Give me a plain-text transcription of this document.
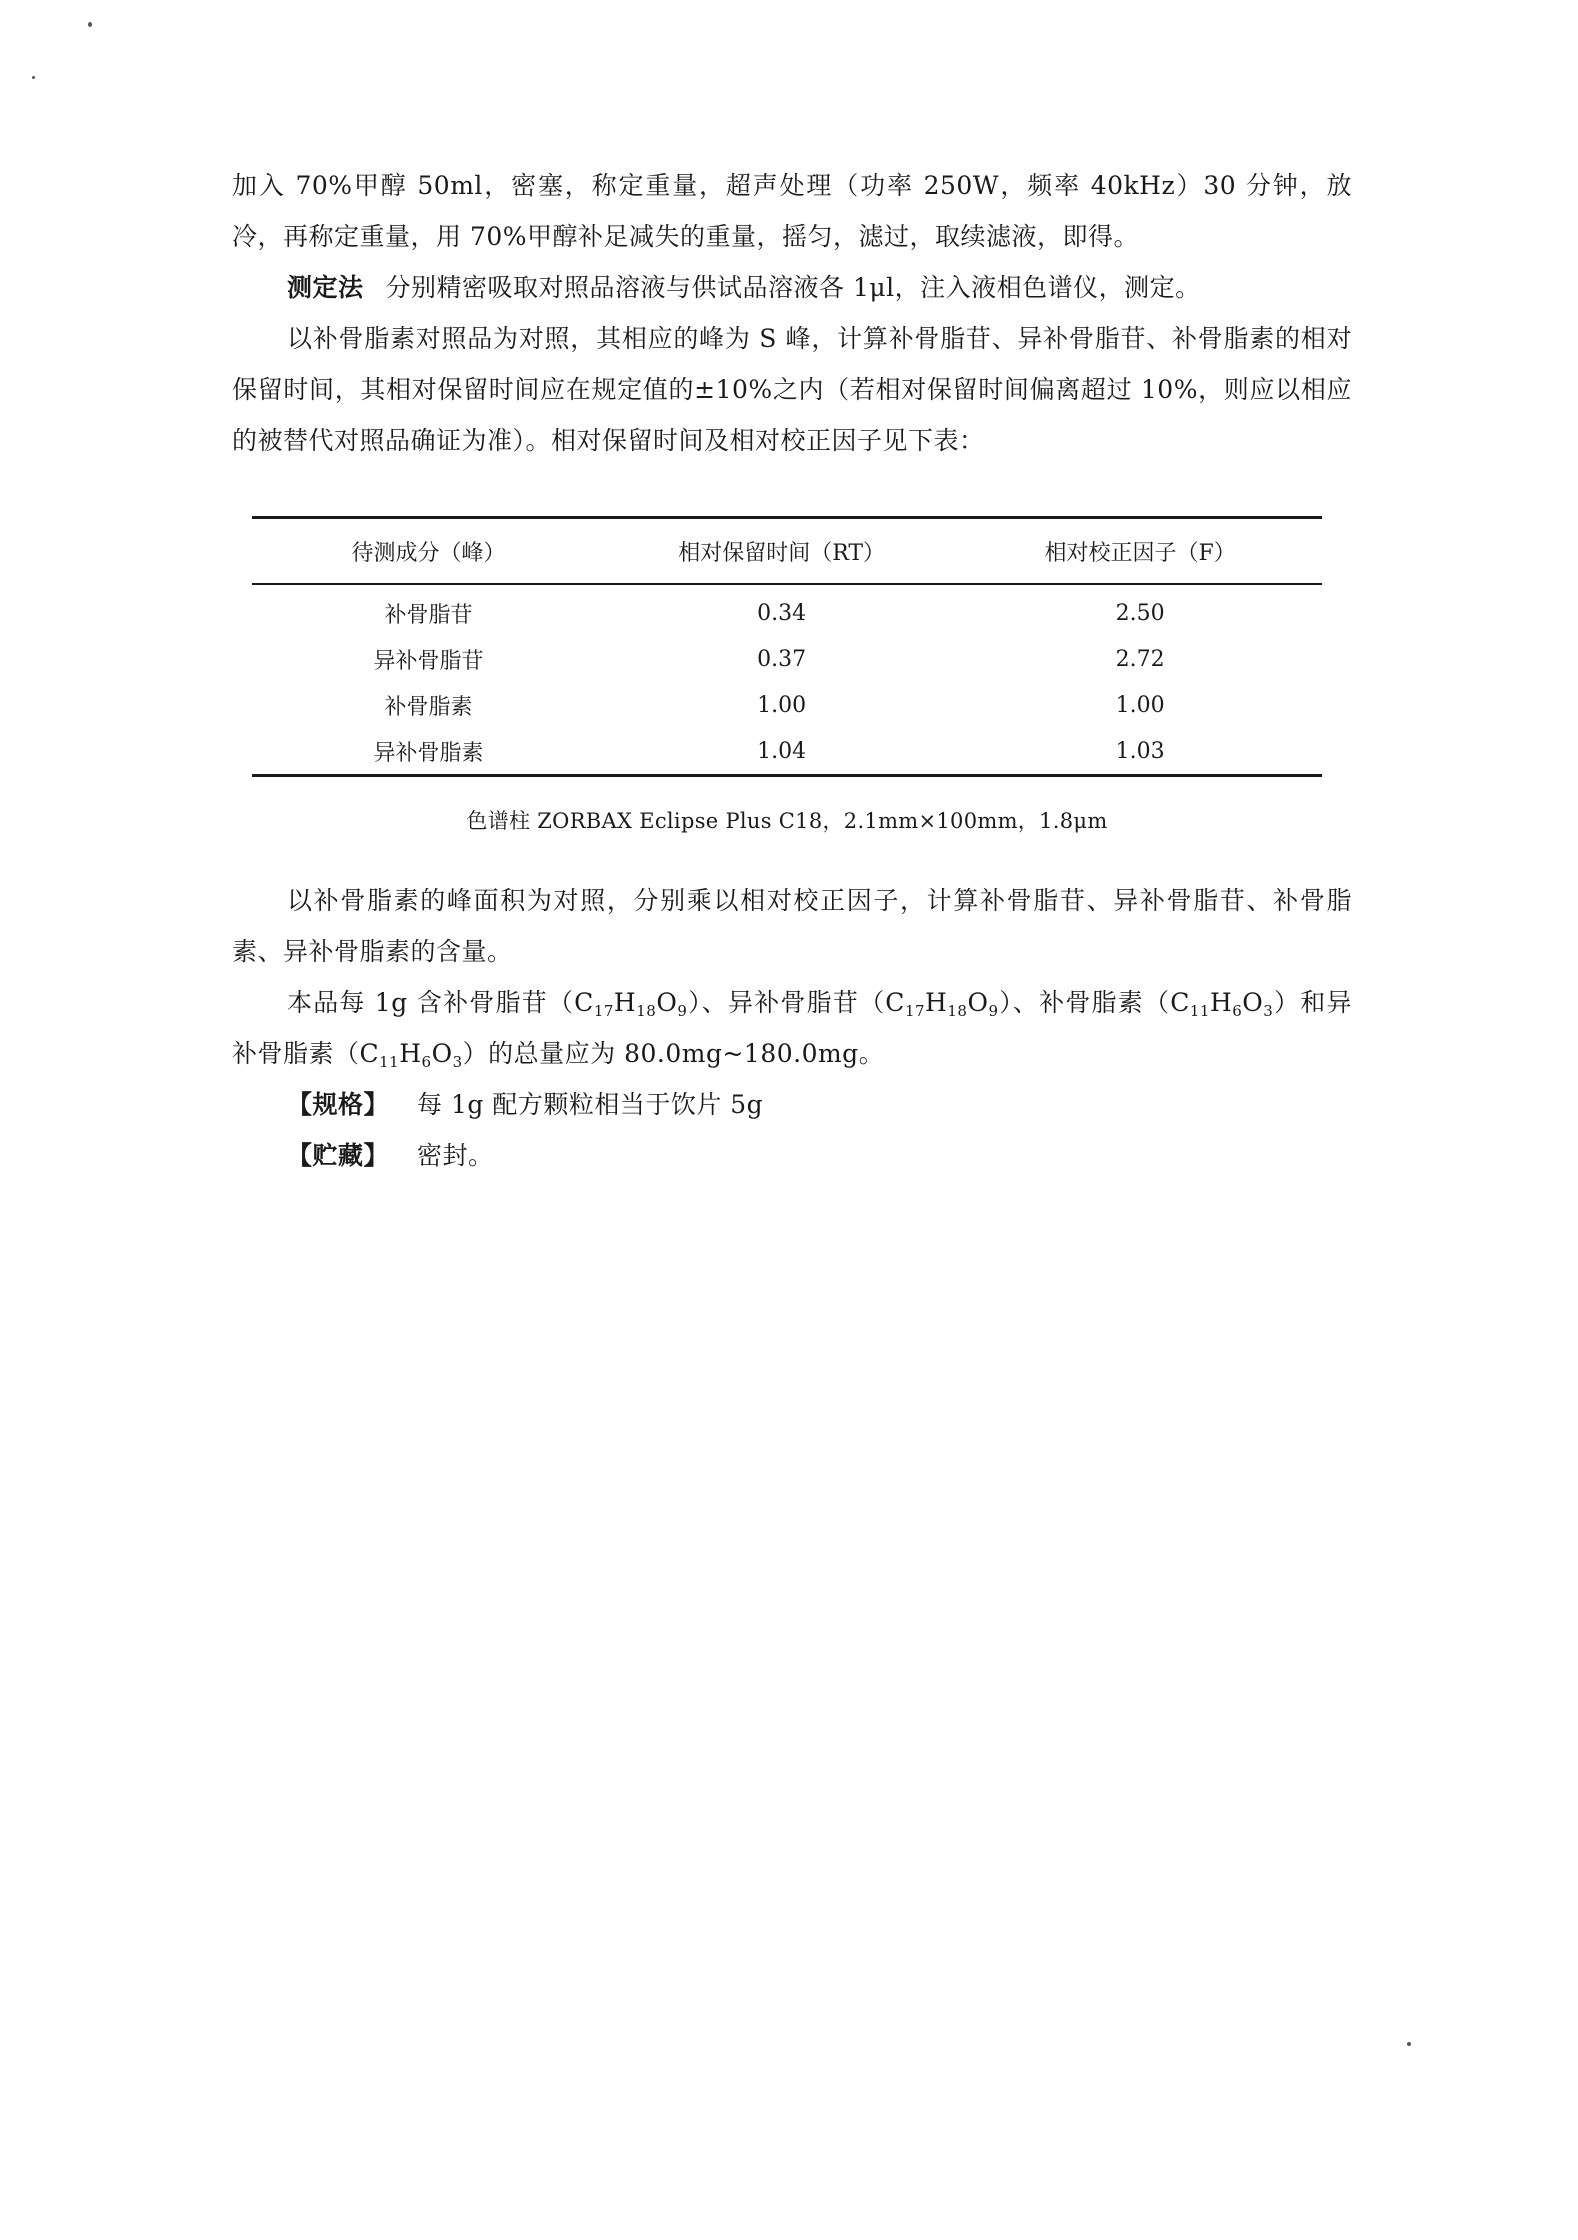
加入 70%甲醇 50ml，密塞，称定重量，超声处理（功率 250W，频率 40kHz）30 分钟，放冷，再称定重量，用 70%甲醇补足减失的重量，摇匀，滤过，取续滤液，即得。

测定法 分别精密吸取对照品溶液与供试品溶液各 1μl，注入液相色谱仪，测定。

以补骨脂素对照品为对照，其相应的峰为 S 峰，计算补骨脂苷、异补骨脂苷、补骨脂素的相对保留时间，其相对保留时间应在规定值的±10%之内（若相对保留时间偏离超过 10%，则应以相应的被替代对照品确证为准）。相对保留时间及相对校正因子见下表：

待测成分（峰）	相对保留时间（RT）	相对校正因子（F）
补骨脂苷	0.34	2.50
异补骨脂苷	0.37	2.72
补骨脂素	1.00	1.00
异补骨脂素	1.04	1.03
色谱柱 ZORBAX Eclipse Plus C18，2.1mm×100mm，1.8μm

以补骨脂素的峰面积为对照，分别乘以相对校正因子，计算补骨脂苷、异补骨脂苷、补骨脂素、异补骨脂素的含量。

本品每 1g 含补骨脂苷$(C_{17}H_{18}O_9)$、异补骨脂苷$(C_{17}H_{18}O_9)$、补骨脂素$(C_{11}H_6O_3)$和异补骨脂素$(C_{11}H_6O_3)$的总量应为 80.0mg~180.0mg。

【规格】 每 1g 配方颗粒相当于饮片 5g

【贮藏】 密封。
